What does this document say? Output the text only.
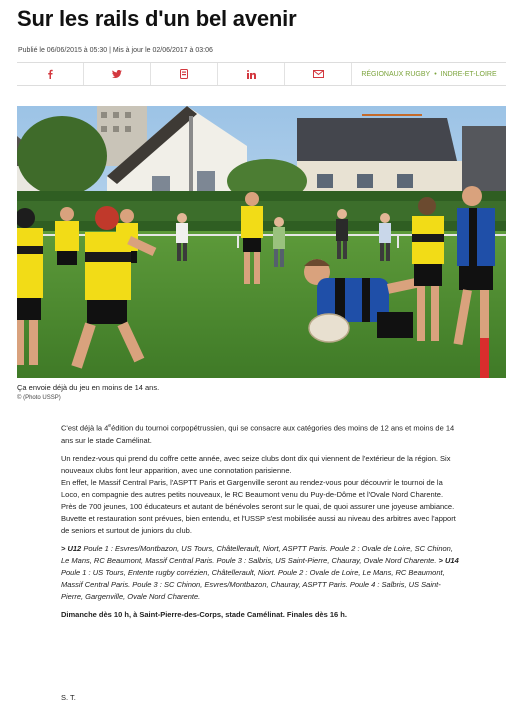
Sur les rails d'un bel avenir
Publié le 06/06/2015 à 05:30 | Mis à jour le 02/06/2017 à 03:06
RÉGIONAUX RUGBY • INDRE-ET-LOIRE
Ça envoie déjà du jeu en moins de 14 ans.
© (Photo USSP)

C'est déjà la 4eédition du tournoi corpopétrussien, qui se consacre aux catégories des moins de 12 ans et moins de 14 ans sur le stade Camélinat.

Un rendez-vous qui prend du coffre cette année, avec seize clubs dont dix qui viennent de l'extérieur de la région. Six nouveaux clubs font leur apparition, avec une connotation parisienne.

En effet, le Massif Central Paris, l'ASPTT Paris et Gargenville seront au rendez-vous pour découvrir le tournoi de la Loco, en compagnie des autres petits nouveaux, le RC Beaumont venu du Puy-de-Dôme et l'Ovale Nord Charente.

Près de 700 jeunes, 100 éducateurs et autant de bénévoles seront sur le quai, de quoi assurer une joyeuse ambiance. Buvette et restauration sont prévues, bien entendu, et l'USSP s'est mobilisée aussi au niveau des arbitres avec l'apport de seniors et surtout de juniors du club.

> U12 Poule 1 : Esvres/Montbazon, US Tours, Châtellerault, Niort, ASPTT Paris. Poule 2 : Ovale de Loire, SC Chinon, Le Mans, RC Beaumont, Massif Central Paris. Poule 3 : Salbris, US Saint-Pierre, Chauray, Ovale Nord Charente. > U14 Poule 1 : US Tours, Entente rugby corrézien, Châtellerault, Niort. Poule 2 : Ovale de Loire, Le Mans, RC Beaumont, Massif Central Paris. Poule 3 : SC Chinon, Esvres/Montbazon, Chauray, ASPTT Paris. Poule 4 : Salbris, US Saint-Pierre, Gargenville, Ovale Nord Charente.

Dimanche dès 10 h, à Saint-Pierre-des-Corps, stade Camélinat. Finales dès 16 h.

S. T.
